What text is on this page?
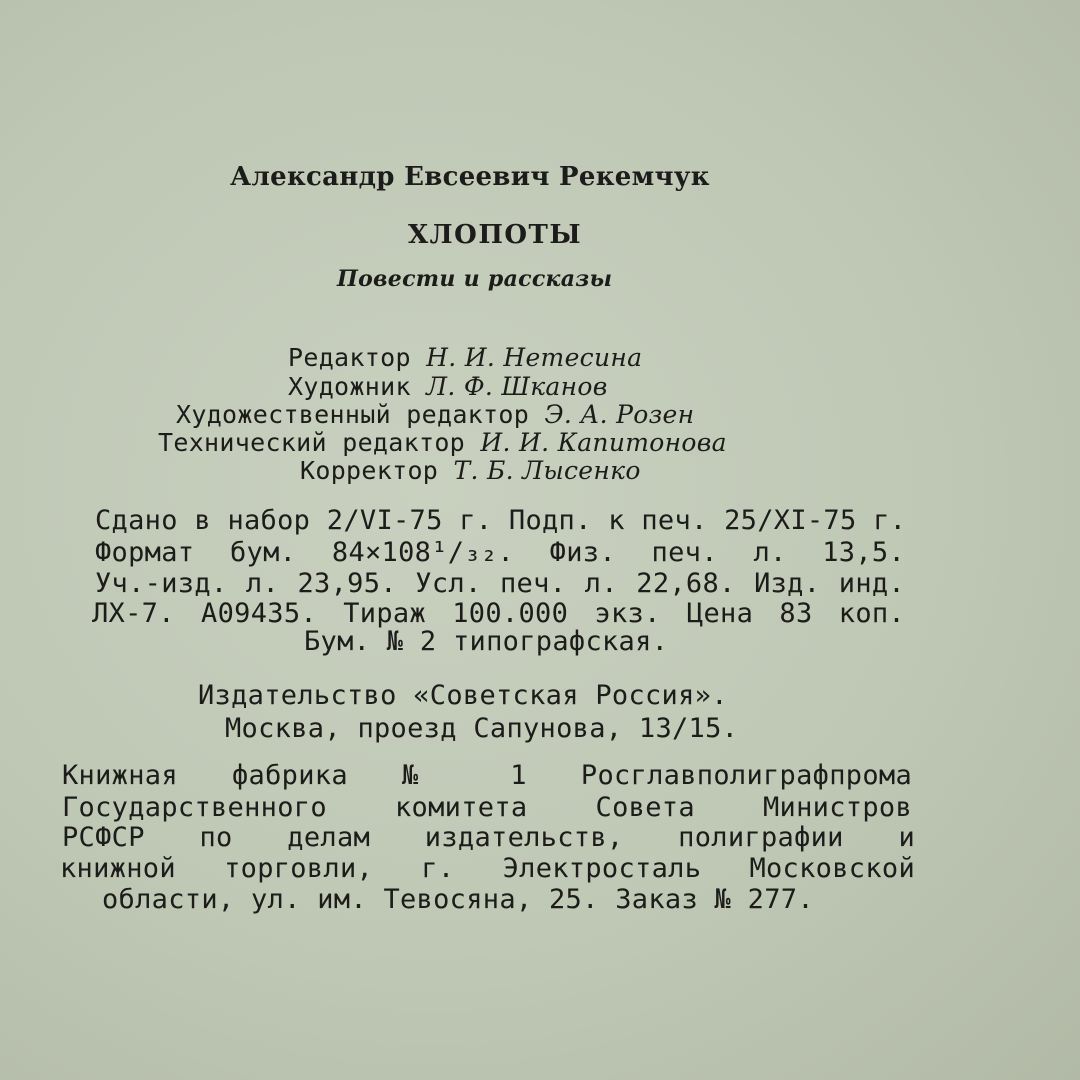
Александр Евсеевич Рекемчук
ХЛОПОТЫ
Повести и рассказы
Редактор Н. И. Нетесина
Художник Л. Ф. Шканов
Художественный редактор Э. А. Розен
Технический редактор И. И. Капитонова
Корректор Т. Б. Лысенко
Сдано в набор 2/VI-75 г. Подп. к печ. 25/XI-75 г.
Формат бум. 84×108¹/₃₂. Физ. печ. л. 13,5.
Уч.-изд. л. 23,95. Усл. печ. л. 22,68. Изд. инд.
ЛХ-7. А09435. Тираж 100.000 экз. Цена 83 коп.
Бум. № 2 типографская.
Издательство «Советская Россия».
Москва, проезд Сапунова, 13/15.
Книжная фабрика № 1 Росглавполиграфпрома
Государственного комитета Совета Министров
РСФСР по делам издательств, полиграфии и
книжной торговли, г. Электросталь Московской
области, ул. им. Тевосяна, 25. Заказ № 277.
